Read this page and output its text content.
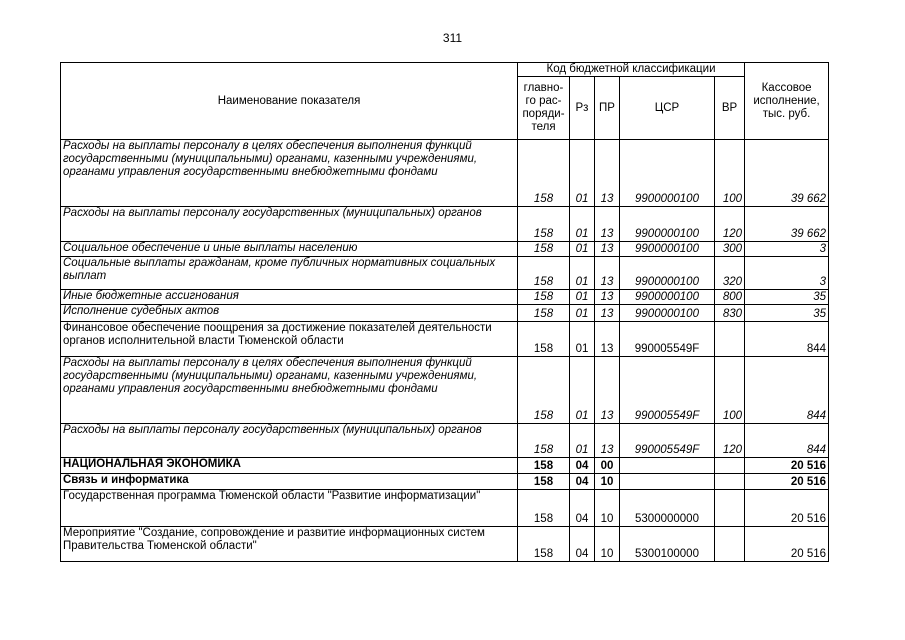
311
Наименование показателя	Код бюджетной классификации					Кассовое исполнение, тыс. руб.
	главно-
го рас-
поряди-
теля	Рз	ПР	ЦСР	ВР	
Расходы на выплаты персоналу в целях обеспечения выполнения функций государственными (муниципальными) органами, казенными учреждениями, органами управления государственными внебюджетными фондами	158	01	13	9900000100	100	39 662
Расходы на выплаты персоналу государственных (муниципальных) органов	158	01	13	9900000100	120	39 662
Социальное обеспечение и иные выплаты населению	158	01	13	9900000100	300	3
Социальные выплаты гражданам, кроме публичных нормативных социальных выплат	158	01	13	9900000100	320	3
Иные бюджетные ассигнования	158	01	13	9900000100	800	35
Исполнение судебных актов	158	01	13	9900000100	830	35
Финансовое обеспечение поощрения за достижение показателей деятельности органов исполнительной власти Тюменской области	158	01	13	990005549F		844
Расходы на выплаты персоналу в целях обеспечения выполнения функций государственными (муниципальными) органами, казенными учреждениями, органами управления государственными внебюджетными фондами	158	01	13	990005549F	100	844
Расходы на выплаты персоналу государственных (муниципальных) органов	158	01	13	990005549F	120	844
НАЦИОНАЛЬНАЯ ЭКОНОМИКА	158	04	00			20 516
Связь и информатика	158	04	10			20 516
Государственная программа Тюменской области "Развитие информатизации"	158	04	10	5300000000		20 516
Мероприятие "Создание, сопровождение и развитие информационных систем Правительства Тюменской области"	158	04	10	5300100000		20 516
